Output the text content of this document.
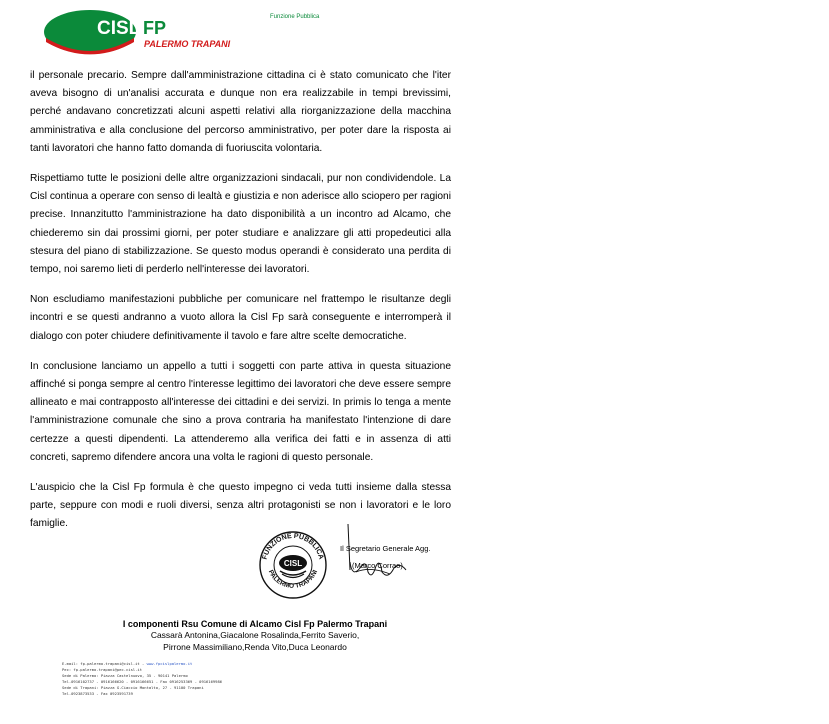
CISL FP
PALERMO TRAPANI
Funzione Pubblica

il personale precario. Sempre dall'amministrazione cittadina ci è stato comunicato che l'iter aveva bisogno di un'analisi accurata e dunque non era realizzabile in tempi brevissimi, perché andavano concretizzati alcuni aspetti relativi alla riorganizzazione della macchina amministrativa e alla conclusione del percorso amministrativo, per poter dare la risposta ai tanti lavoratori che hanno fatto domanda di fuoriuscita volontaria.

Rispettiamo tutte le posizioni delle altre organizzazioni sindacali, pur non condividendole. La Cisl continua a operare con senso di lealtà e giustizia e non aderisce allo sciopero per ragioni precise. Innanzitutto l'amministrazione ha dato disponibilità a un incontro ad Alcamo, che chiederemo sin dai prossimi giorni, per poter studiare e analizzare gli atti propedeutici alla stesura del piano di stabilizzazione. Se questo modus operandi è considerato una perdita di tempo, noi saremo lieti di perderlo nell'interesse dei lavoratori.

Non escludiamo manifestazioni pubbliche per comunicare nel frattempo le risultanze degli incontri e se questi andranno a vuoto allora la Cisl Fp sarà conseguente e interromperà il dialogo con poter chiudere definitivamente il tavolo e fare altre scelte democratiche.

In conclusione lanciamo un appello a tutti i soggetti con parte attiva in questa situazione affinché si ponga sempre al centro l'interesse legittimo dei lavoratori che deve essere sempre allineato e mai contrapposto all'interesse dei cittadini e dei servizi. In primis lo tenga a mente l'amministrazione comunale che sino a prova contraria ha manifestato l'intenzione di dare certezze a questi dipendenti. La attenderemo alla verifica dei fatti e in assenza di atti concreti, sapremo difendere ancora una volta le ragioni di questo personale.

L'auspicio che la Cisl Fp formula è che questo impegno ci veda tutti insieme dalla stessa parte, seppure con modi e ruoli diversi, senza altri protagonisti se non i lavoratori e le loro famiglie.

FUNZIONE PUBBLICA
PALERMO TRAPANI
CISL
Il Segretario Generale Agg.
(Marco Corrao)
I componenti Rsu Comune di Alcamo Cisl Fp Palermo Trapani
Cassarà Antonina,Giacalone Rosalinda,Ferrito Saverio,
Pirrone Massimiliano,Renda Vito,Duca Leonardo
E-mail: fp.palermo.trapani@cisl.it - www.fpcislpalermo.it
Pec: fp.palermo.trapani@pec.cisl.it
Sede di Palermo: Piazza Castelnuovo, 35 - 90141 Palermo
Tel.0916102737 - 0916166620 - 0916166651 - Fax 0916253369 - 0916169986
Sede di Trapani: Piazza G.Ciaccio Montalto, 27 - 91100 Trapani
Tel.0923873533 - Fax 0923591739
